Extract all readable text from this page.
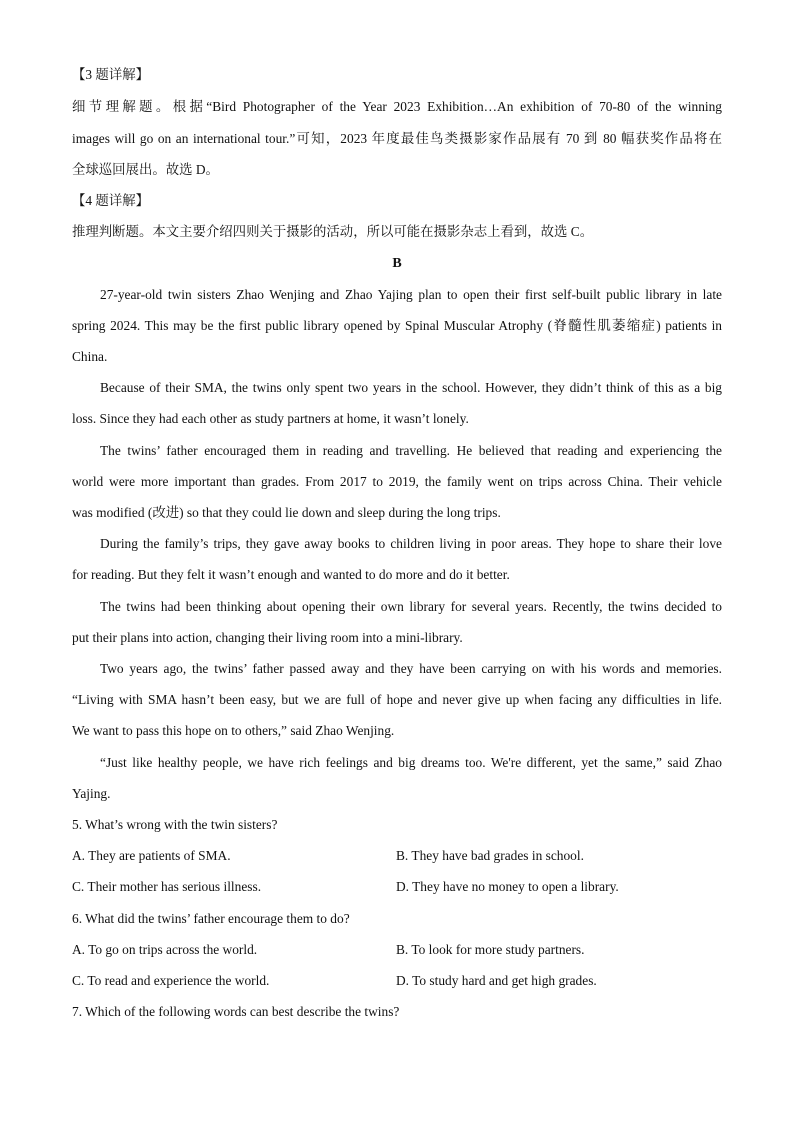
【3 题详解】
细节理解题。根据“Bird Photographer of the Year 2023 Exhibition…An exhibition of 70-80 of the winning
images will go on an international tour.”可知，2023 年度最佳鸟类摄影家作品展有 70 到 80 幅获奖作品将在
全球巡回展出。故选 D。
【4 题详解】
推理判断题。本文主要介绍四则关于摄影的活动，所以可能在摄影杂志上看到，故选 C。
B
27-year-old twin sisters Zhao Wenjing and Zhao Yajing plan to open their first self-built public library in late
spring 2024. This may be the first public library opened by Spinal Muscular Atrophy (脊髓性肌萎缩症) patients in
China.
Because of their SMA, the twins only spent two years in the school. However, they didn’t think of this as a big
loss. Since they had each other as study partners at home, it wasn’t lonely.
The twins’ father encouraged them in reading and travelling. He believed that reading and experiencing the
world were more important than grades. From 2017 to 2019, the family went on trips across China. Their vehicle
was modified (改进) so that they could lie down and sleep during the long trips.
During the family’s trips, they gave away books to children living in poor areas. They hope to share their love
for reading. But they felt it wasn’t enough and wanted to do more and do it better.
The twins had been thinking about opening their own library for several years. Recently, the twins decided to
put their plans into action, changing their living room into a mini-library.
Two years ago, the twins’ father passed away and they have been carrying on with his words and memories.
“Living with SMA hasn’t been easy, but we are full of hope and never give up when facing any difficulties in life.
We want to pass this hope on to others,” said Zhao Wenjing.
“Just like healthy people, we have rich feelings and big dreams too. We're different, yet the same,” said Zhao
Yajing.
5. What’s wrong with the twin sisters?
A. They are patients of SMA.	B. They have bad grades in school.
C. Their mother has serious illness.	D. They have no money to open a library.
6. What did the twins’ father encourage them to do?
A. To go on trips across the world.	B. To look for more study partners.
C. To read and experience the world.	D. To study hard and get high grades.
7. Which of the following words can best describe the twins?
